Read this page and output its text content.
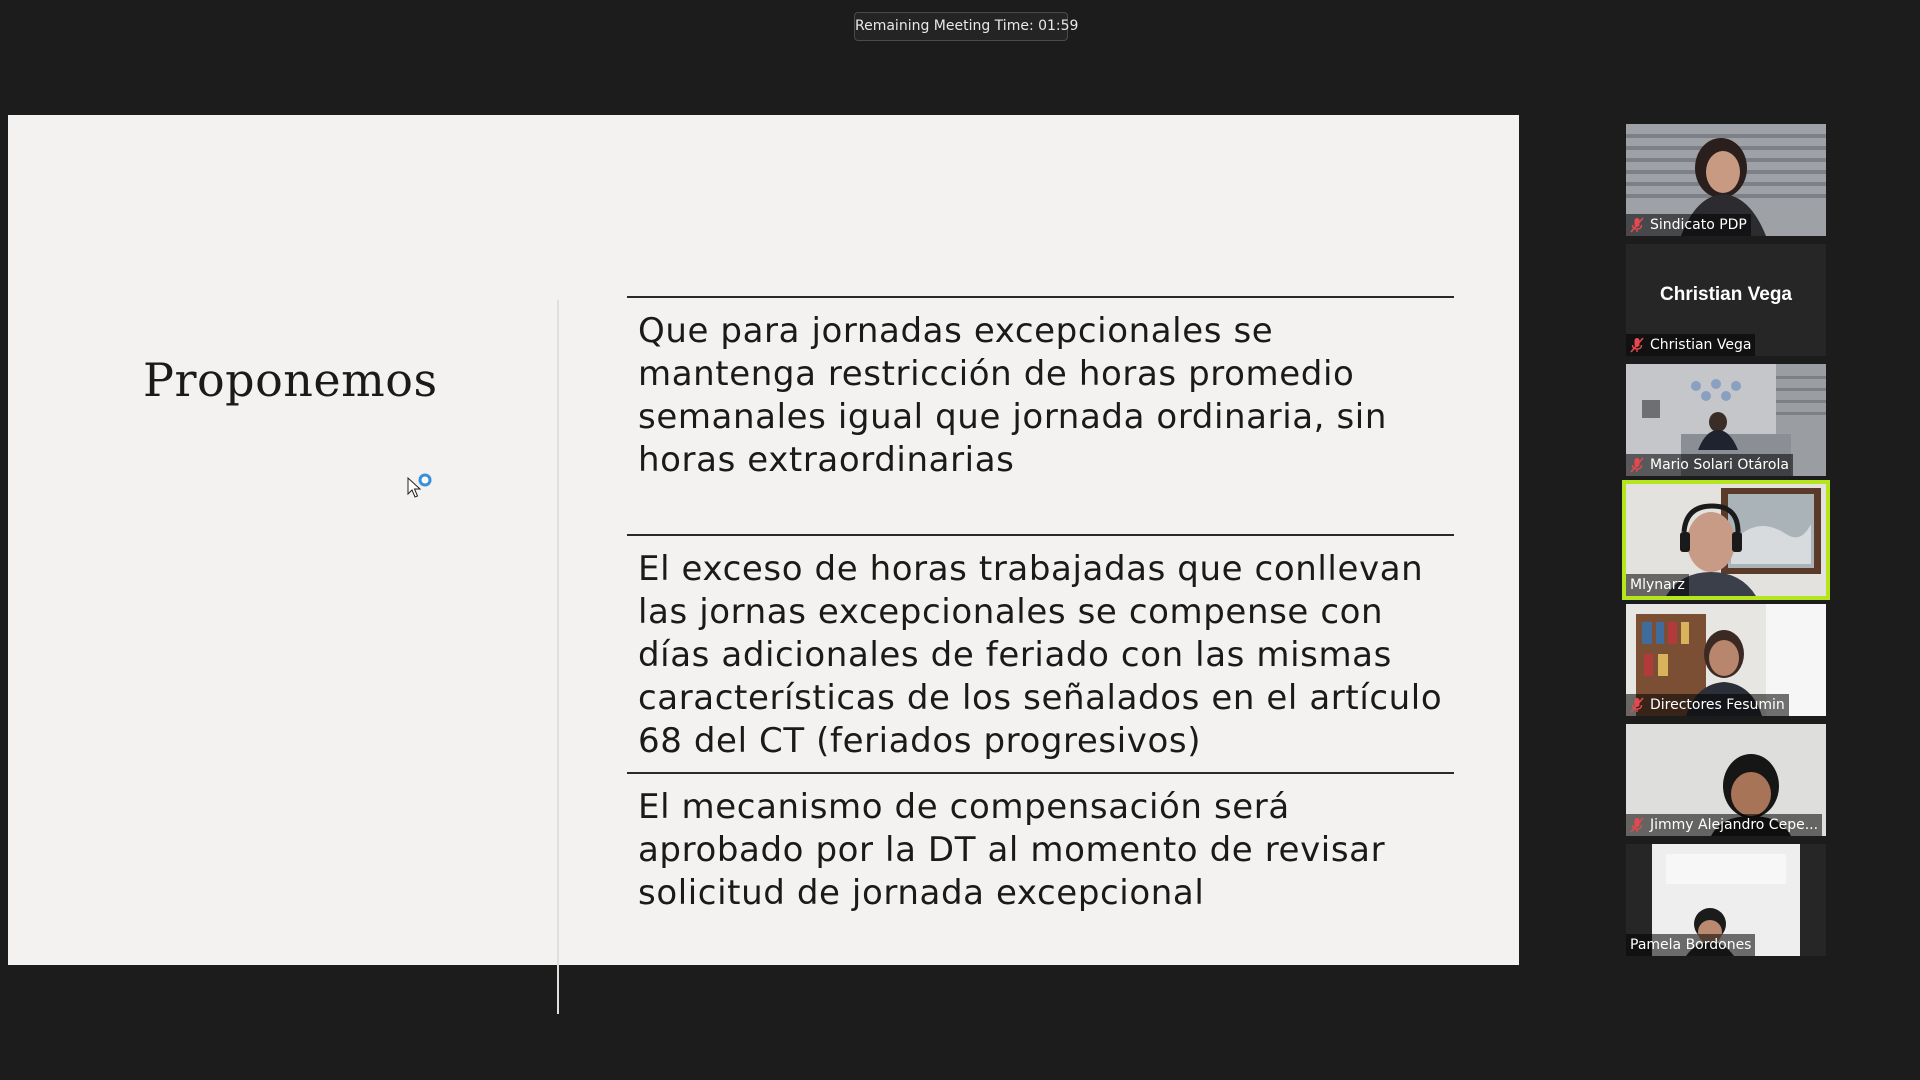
Remaining Meeting Time: 01:59
Proponemos
Que para jornadas excepcionales se mantenga restricción de horas promedio semanales igual que jornada ordinaria, sin horas extraordinarias
El exceso de horas trabajadas que conllevan las jornas excepcionales se compense con días adicionales de feriado con las mismas características de los señalados en el artículo 68 del CT (feriados progresivos)
El mecanismo de compensación será aprobado por la DT al momento de revisar solicitud de jornada excepcional
Sindicato PDP
Christian Vega
Christian Vega
Mario Solari Otárola
Mlynarz
Directores Fesumin
Jimmy Alejandro Cepe...
Pamela Bordones
